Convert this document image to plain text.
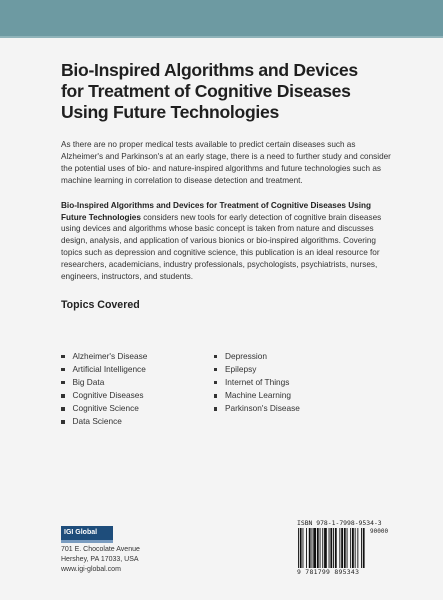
Bio-Inspired Algorithms and Devices
for Treatment of Cognitive Diseases
Using Future Technologies

As there are no proper medical tests available to predict certain diseases such as Alzheimer's and Parkinson's at an early stage, there is a need to further study and consider the potential uses of bio- and nature-inspired algorithms and future technologies such as machine learning in correlation to disease detection and treatment.

Bio-Inspired Algorithms and Devices for Treatment of Cognitive Diseases Using Future Technologies considers new tools for early detection of cognitive brain diseases using devices and algorithms whose basic concept is taken from nature and discusses design, analysis, and application of various bionics or bio-inspired algorithms. Covering topics such as depression and cognitive science, this publication is an ideal resource for researchers, academicians, industry professionals, psychologists, psychiatrists, nurses, engineers, instructors, and students.

Topics Covered
Alzheimer's Disease
Artificial Intelligence
Big Data
Cognitive Diseases
Cognitive Science
Data Science
Depression
Epilepsy
Internet of Things
Machine Learning
Parkinson's Disease
IGI Global
701 E. Chocolate Avenue
Hershey, PA 17033, USA
www.igi-global.com
ISBN 978-1-7998-9534-3
90000
9 781799 895343
